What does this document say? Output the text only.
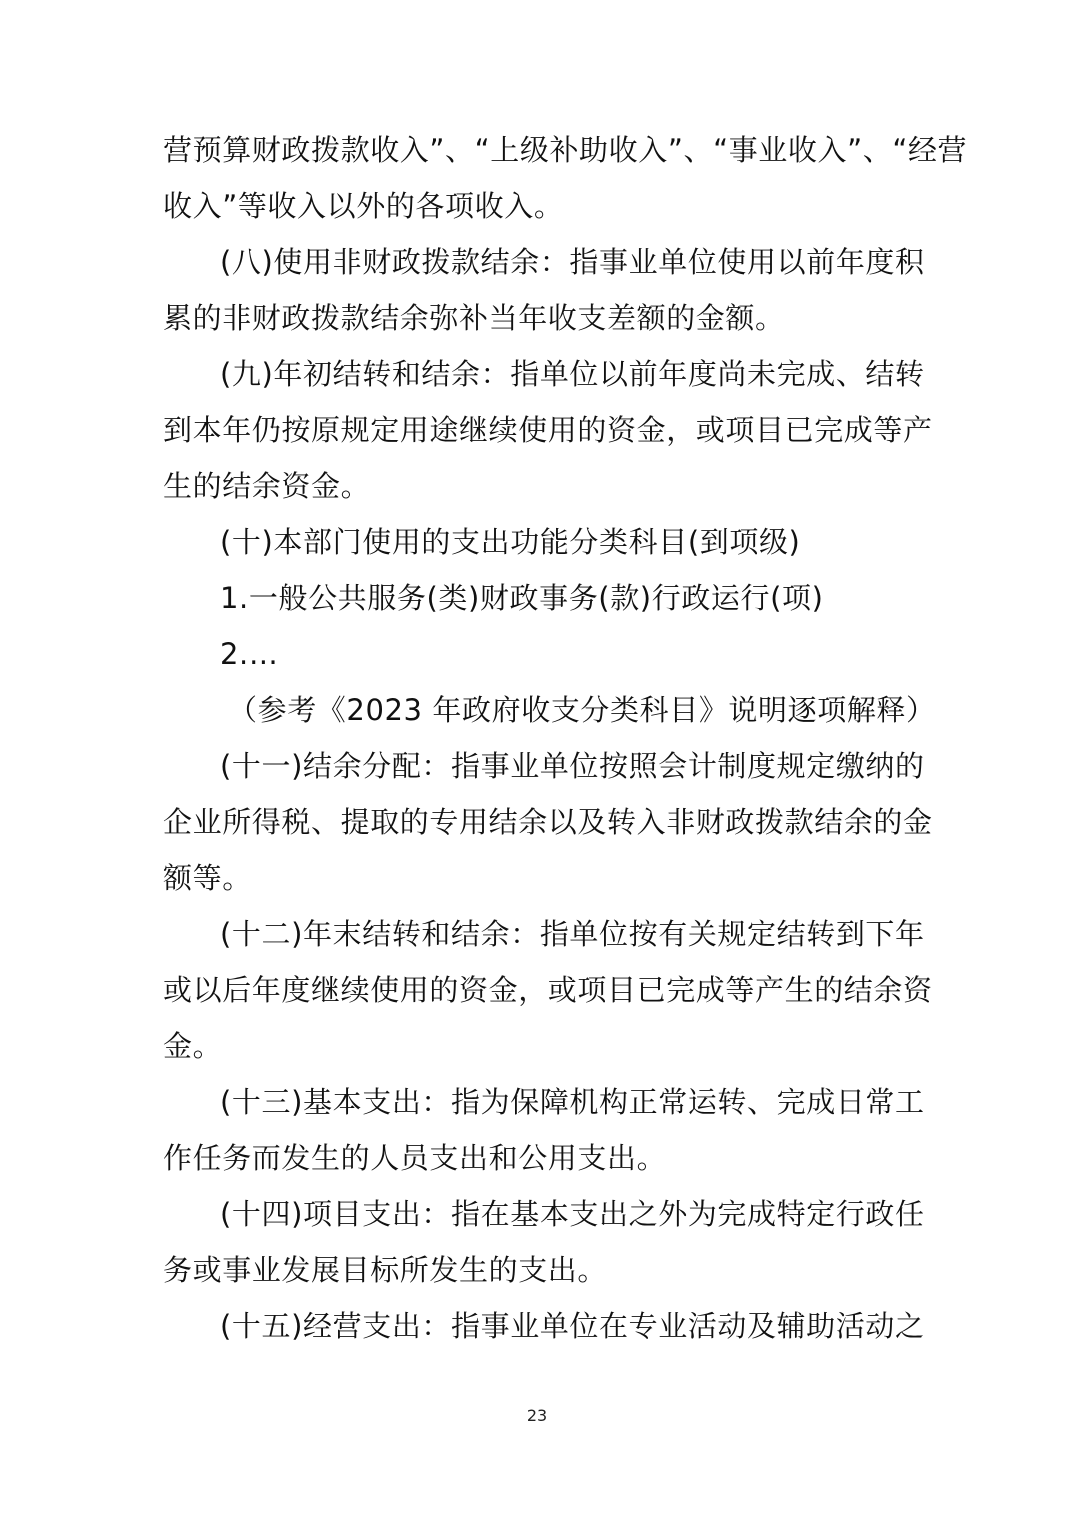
营预算财政拨款收入”、“上级补助收入”、“事业收入”、“经营
收入”等收入以外的各项收入。
(八)使用非财政拨款结余：指事业单位使用以前年度积
累的非财政拨款结余弥补当年收支差额的金额。
(九)年初结转和结余：指单位以前年度尚未完成、结转
到本年仍按原规定用途继续使用的资金，或项目已完成等产
生的结余资金。
(十)本部门使用的支出功能分类科目(到项级)
1.一般公共服务(类)财政事务(款)行政运行(项)
2.…
（参考《2023 年政府收支分类科目》说明逐项解释）
(十一)结余分配：指事业单位按照会计制度规定缴纳的
企业所得税、提取的专用结余以及转入非财政拨款结余的金
额等。
(十二)年末结转和结余：指单位按有关规定结转到下年
或以后年度继续使用的资金，或项目已完成等产生的结余资
金。
(十三)基本支出：指为保障机构正常运转、完成日常工
作任务而发生的人员支出和公用支出。
(十四)项目支出：指在基本支出之外为完成特定行政任
务或事业发展目标所发生的支出。
(十五)经营支出：指事业单位在专业活动及辅助活动之
23
